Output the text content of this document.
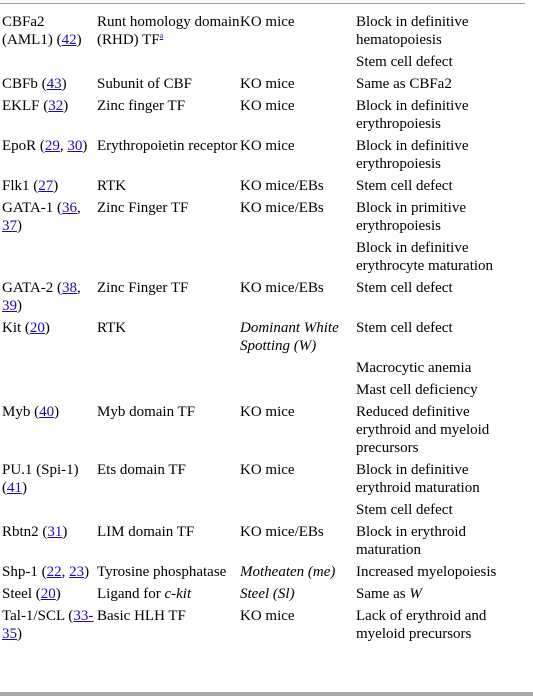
CBFa2 (AML1) (42)	Runt homology domain (RHD) TF$^a$	KO mice	Block in definitive hematopoiesis
			Stem cell defect
CBFb (43)	Subunit of CBF	KO mice	Same as CBFa2
EKLF (32)	Zinc finger TF	KO mice	Block in definitive erythropoiesis
EpoR (29, 30)	Erythropoietin receptor	KO mice	Block in definitive erythropoiesis
Flk1 (27)	RTK	KO mice/EBs	Stem cell defect
GATA-1 (36, 37)	Zinc Finger TF	KO mice/EBs	Block in primitive erythropoiesis
			Block in definitive erythrocyte maturation
GATA-2 (38, 39)	Zinc Finger TF	KO mice/EBs	Stem cell defect
Kit (20)	RTK	Dominant White Spotting (W)	Stem cell defect
			Macrocytic anemia
			Mast cell deficiency
Myb (40)	Myb domain TF	KO mice	Reduced definitive erythroid and myeloid precursors
PU.1 (Spi-1) (41)	Ets domain TF	KO mice	Block in definitive erythroid maturation
			Stem cell defect
Rbtn2 (31)	LIM domain TF	KO mice/EBs	Block in erythroid maturation
Shp-1 (22, 23)	Tyrosine phosphatase	Motheaten (me)	Increased myelopoiesis
Steel (20)	Ligand for c-kit	Steel (Sl)	Same as W
Tal-1/SCL (33-35)	Basic HLH TF	KO mice	Lack of erythroid and myeloid precursors
